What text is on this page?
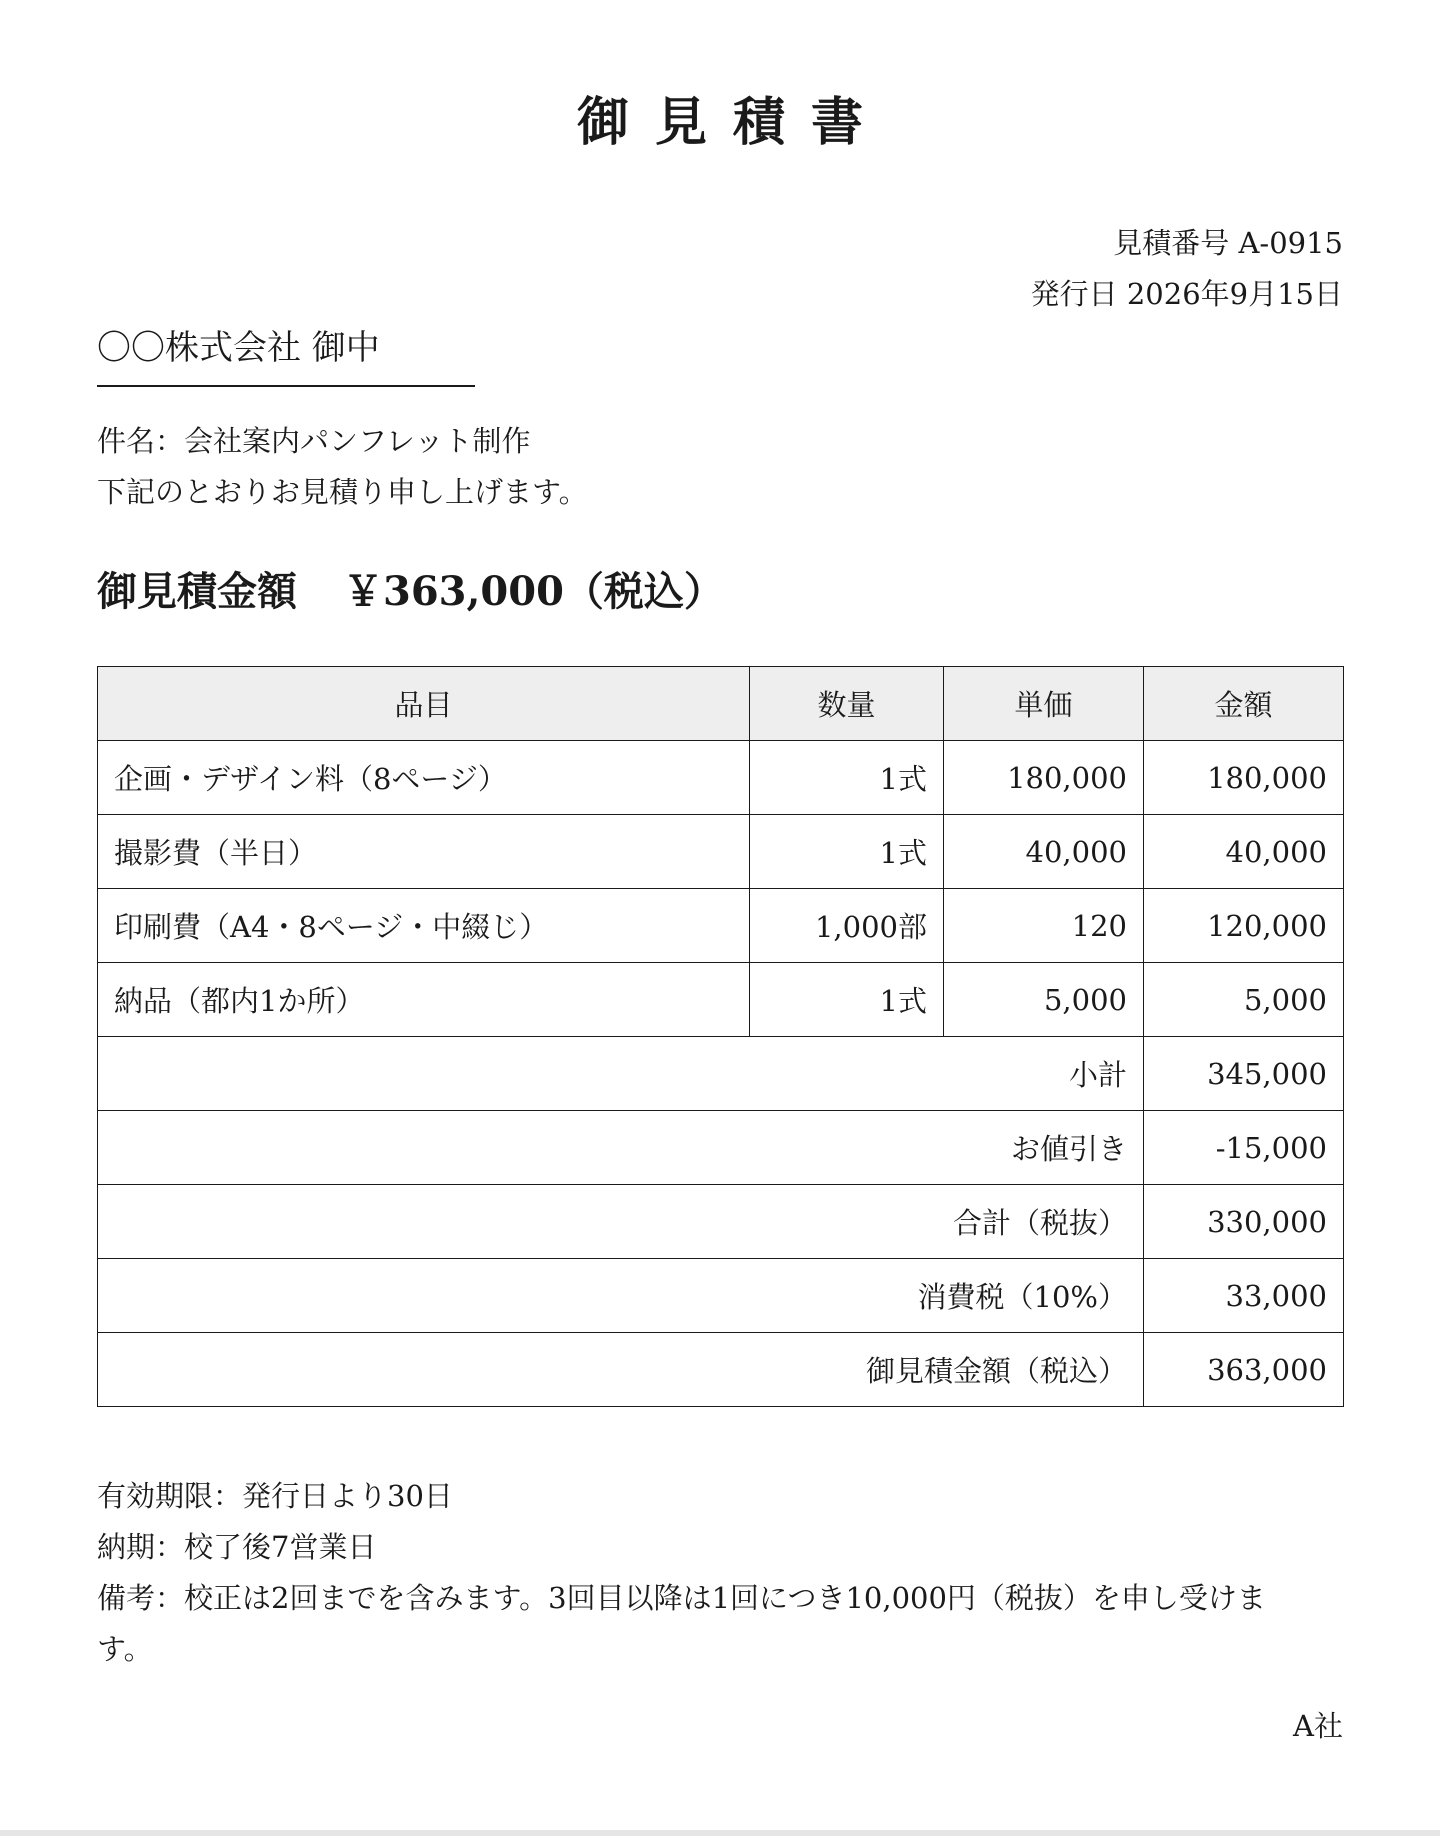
御見積書
見積番号 A-0915
発行日 2026年9月15日
〇〇株式会社 御中
件名：会社案内パンフレット制作
下記のとおりお見積り申し上げます。
御見積金額 ￥363,000（税込）
品目	数量	単価	金額
企画・デザイン料（8ページ）	1式	180,000	180,000
撮影費（半日）	1式	40,000	40,000
印刷費（A4・8ページ・中綴じ）	1,000部	120	120,000
納品（都内1か所）	1式	5,000	5,000
小計			345,000
お値引き			-15,000
合計（税抜）			330,000
消費税（10%）			33,000
御見積金額（税込）			363,000
有効期限：発行日より30日
納期：校了後7営業日
備考：校正は2回までを含みます。3回目以降は1回につき10,000円（税抜）を申し受けます。
A社
